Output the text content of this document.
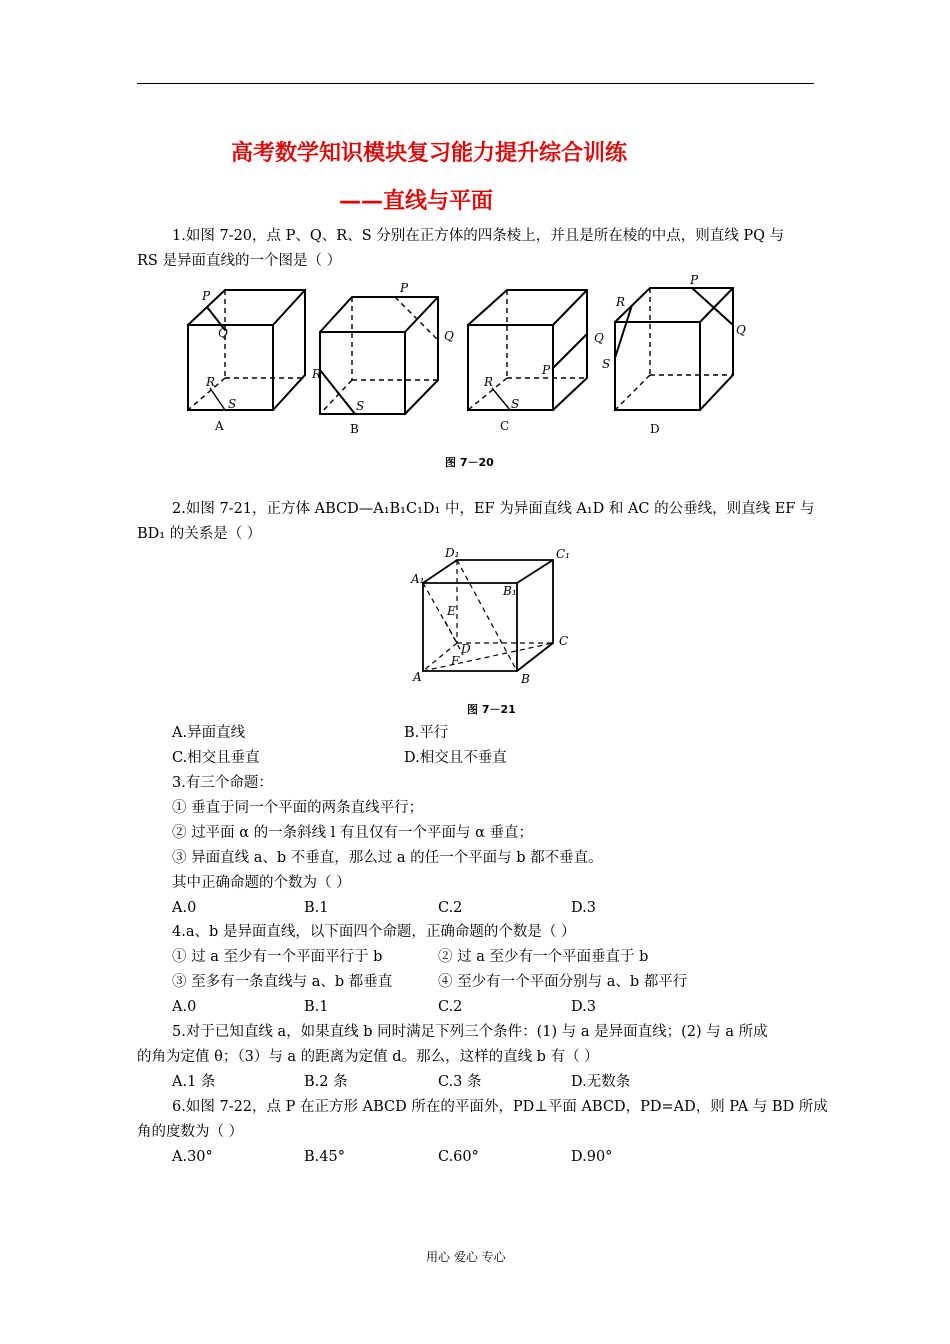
高考数学知识模块复习能力提升综合训练
——直线与平面
1.如图 7-20，点 P、Q、R、S 分别在正方体的四条棱上，并且是所在棱的中点，则直线 PQ 与
RS 是异面直线的一个图是（ ）
P
Q
R
S
P
Q
R
S
Q
P
R
S
P
R
Q
S
A	B	C	D
图 7－20
2.如图 7-21，正方体 ABCD—A₁B₁C₁D₁ 中，EF 为异面直线 A₁D 和 AC 的公垂线，则直线 EF 与
BD₁ 的关系是（ ）
D₁	C₁
A₁
B₁
E
D
C
F
A	B
图 7－21
A.异面直线	B.平行
C.相交且垂直	D.相交且不垂直
3.有三个命题：
① 垂直于同一个平面的两条直线平行；
② 过平面 α 的一条斜线 l 有且仅有一个平面与 α 垂直；
③ 异面直线 a、b 不垂直，那么过 a 的任一个平面与 b 都不垂直。
其中正确命题的个数为（ ）
A.0	B.1	C.2	D.3
4.a、b 是异面直线，以下面四个命题，正确命题的个数是（ ）
① 过 a 至少有一个平面平行于 b	② 过 a 至少有一个平面垂直于 b
③ 至多有一条直线与 a、b 都垂直	④ 至少有一个平面分别与 a、b 都平行
A.0	B.1	C.2	D.3
5.对于已知直线 a，如果直线 b 同时满足下列三个条件：(1) 与 a 是异面直线；(2) 与 a 所成
的角为定值 θ；（3）与 a 的距离为定值 d。那么，这样的直线 b 有（ ）
A.1 条	B.2 条	C.3 条	D.无数条
6.如图 7-22，点 P 在正方形 ABCD 所在的平面外，PD⊥平面 ABCD，PD=AD，则 PA 与 BD 所成
角的度数为（ ）
A.30°	B.45°	C.60°	D.90°
用心 爱心 专心
